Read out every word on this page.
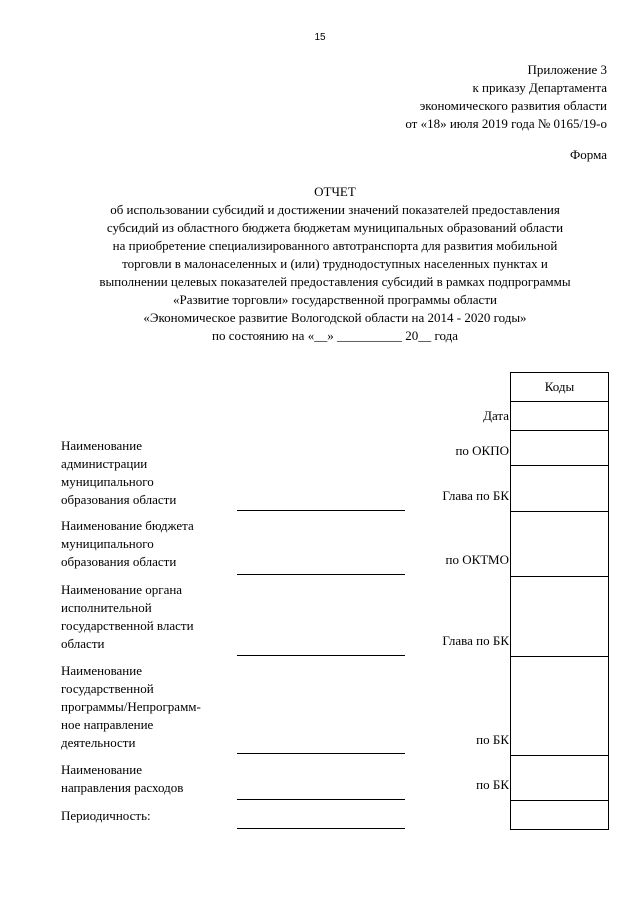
15
Приложение 3
к приказу Департамента
экономического развития области
от «18» июля 2019 года № 0165/19-о
Форма
ОТЧЕТ
об использовании субсидий и достижении значений показателей предоставления
субсидий из областного бюджета бюджетам муниципальных образований области
на приобретение специализированного автотранспорта для развития мобильной
торговли в малонаселенных и (или) труднодоступных населенных пунктах и
выполнении целевых показателей предоставления субсидий в рамках подпрограммы
«Развитие торговли» государственной программы области
«Экономическое развитие Вологодской области на 2014 - 2020 годы»
по состоянию на «__» __________ 20__ года
Наименование
администрации
муниципального
образования области
Наименование бюджета
муниципального
образования области
Наименование органа
исполнительной
государственной власти
области
Наименование
государственной
программы/Непрограмм-
ное направление
деятельности
Наименование
направления расходов
Периодичность:
Дата
по ОКПО
Глава по БК
по ОКТМО
Глава по БК
по БК
по БК
Коды
